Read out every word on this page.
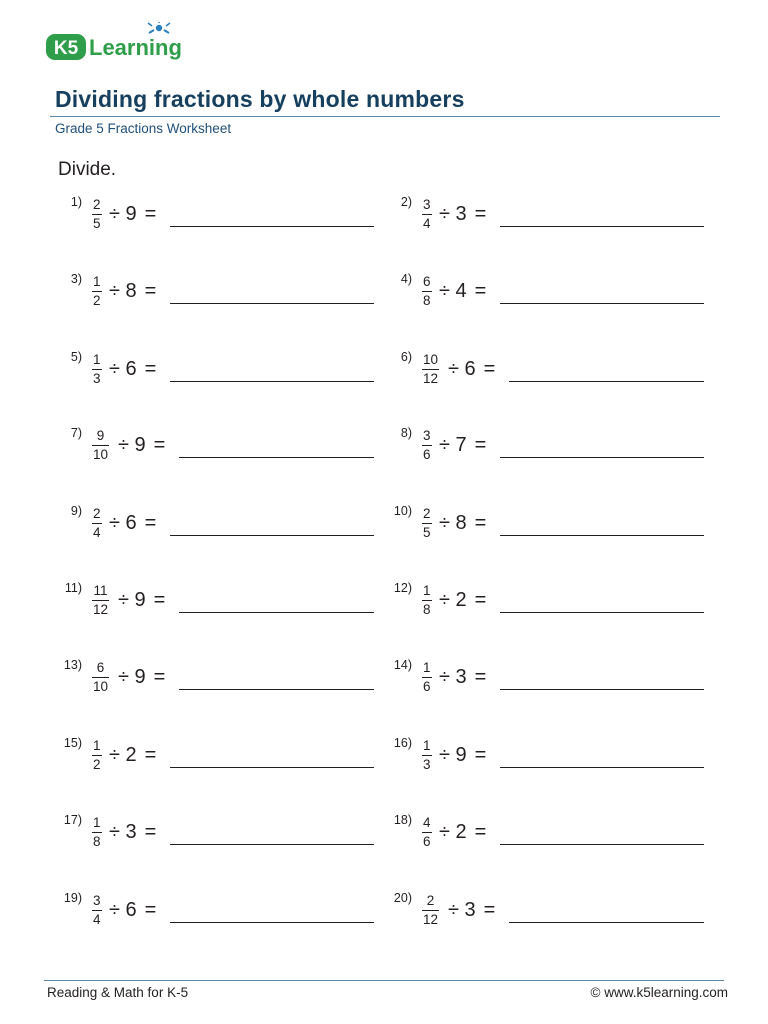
K5 Learning
Dividing fractions by whole numbers
Grade 5 Fractions Worksheet
Divide.
1) 2
5 ÷ 9 =
2) 3
4 ÷ 3 =
3) 1
2 ÷ 8 =
4) 6
8 ÷ 4 =
5) 1
3 ÷ 6 =
6) 10
12 ÷ 6 =
7) 9
10 ÷ 9 =
8) 3
6 ÷ 7 =
9) 2
4 ÷ 6 =
10) 2
5 ÷ 8 =
11) 11
12 ÷ 9 =
12) 1
8 ÷ 2 =
13) 6
10 ÷ 9 =
14) 1
6 ÷ 3 =
15) 1
2 ÷ 2 =
16) 1
3 ÷ 9 =
17) 1
8 ÷ 3 =
18) 4
6 ÷ 2 =
19) 3
4 ÷ 6 =
20) 2
12 ÷ 3 =
Reading & Math for K-5	© www.k5learning.com
